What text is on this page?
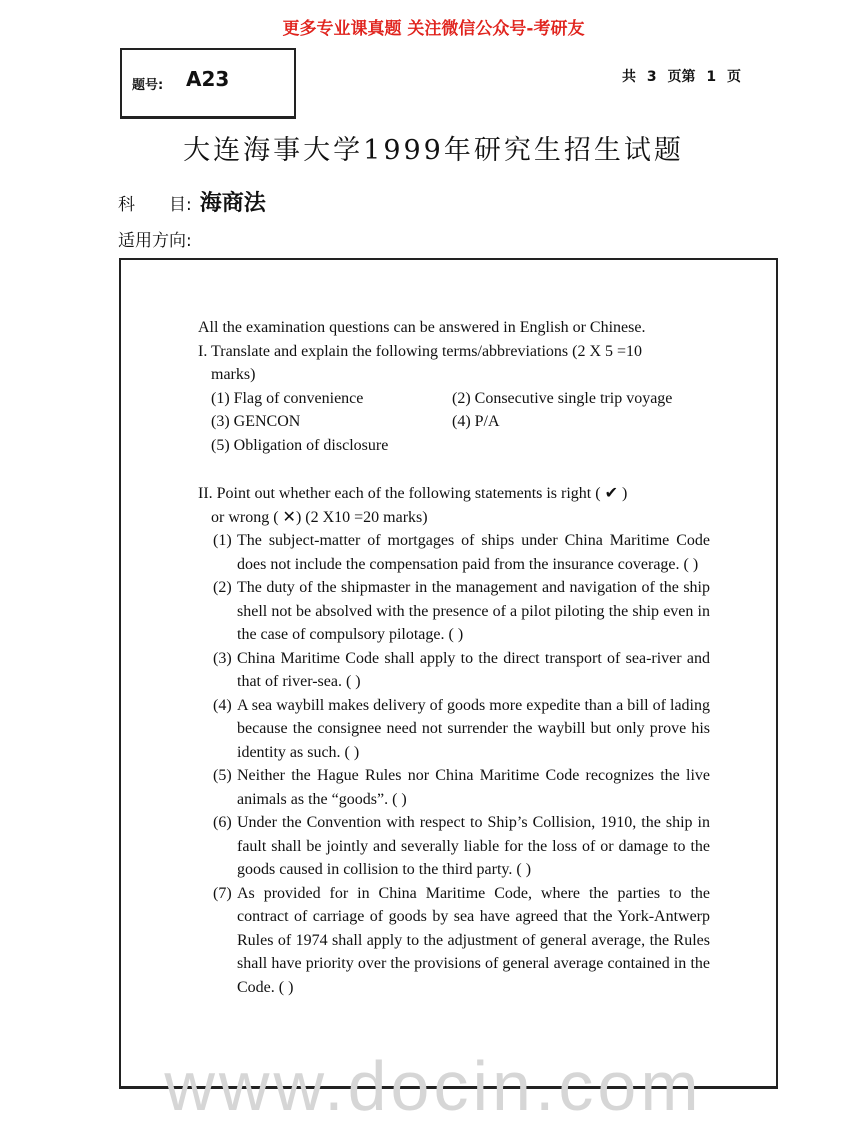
更多专业课真题 关注微信公众号-考研友
题号: A23	共 3 页第 1 页
大连海事大学1999年研究生招生试题
科　　目: 海商法
适用方向:
All the examination questions can be answered in English or Chinese.
I. Translate and explain the following terms/abbreviations (2 X 5 =10
marks)
(1) Flag of convenience	(2) Consecutive single trip voyage
(3) GENCON	(4) P/A
(5) Obligation of disclosure
II. Point out whether each of the following statements is right ( ✔ )
or wrong ( ✕) (2 X10 =20 marks)
(1) The subject-matter of mortgages of ships under China Maritime Code does not include the compensation paid from the insurance coverage. ( )
(2) The duty of the shipmaster in the management and navigation of the ship shell not be absolved with the presence of a pilot piloting the ship even in the case of compulsory pilotage. ( )
(3) China Maritime Code shall apply to the direct transport of sea-river and that of river-sea. ( )
(4) A sea waybill makes delivery of goods more expedite than a bill of lading because the consignee need not surrender the waybill but only prove his identity as such. ( )
(5) Neither the Hague Rules nor China Maritime Code recognizes the live animals as the “goods”. ( )
(6) Under the Convention with respect to Ship’s Collision, 1910, the ship in fault shall be jointly and severally liable for the loss of or damage to the goods caused in collision to the third party. ( )
(7) As provided for in China Maritime Code, where the parties to the contract of carriage of goods by sea have agreed that the York-Antwerp Rules of 1974 shall apply to the adjustment of general average, the Rules shall have priority over the provisions of general average contained in the Code. ( )
www.docin.com
